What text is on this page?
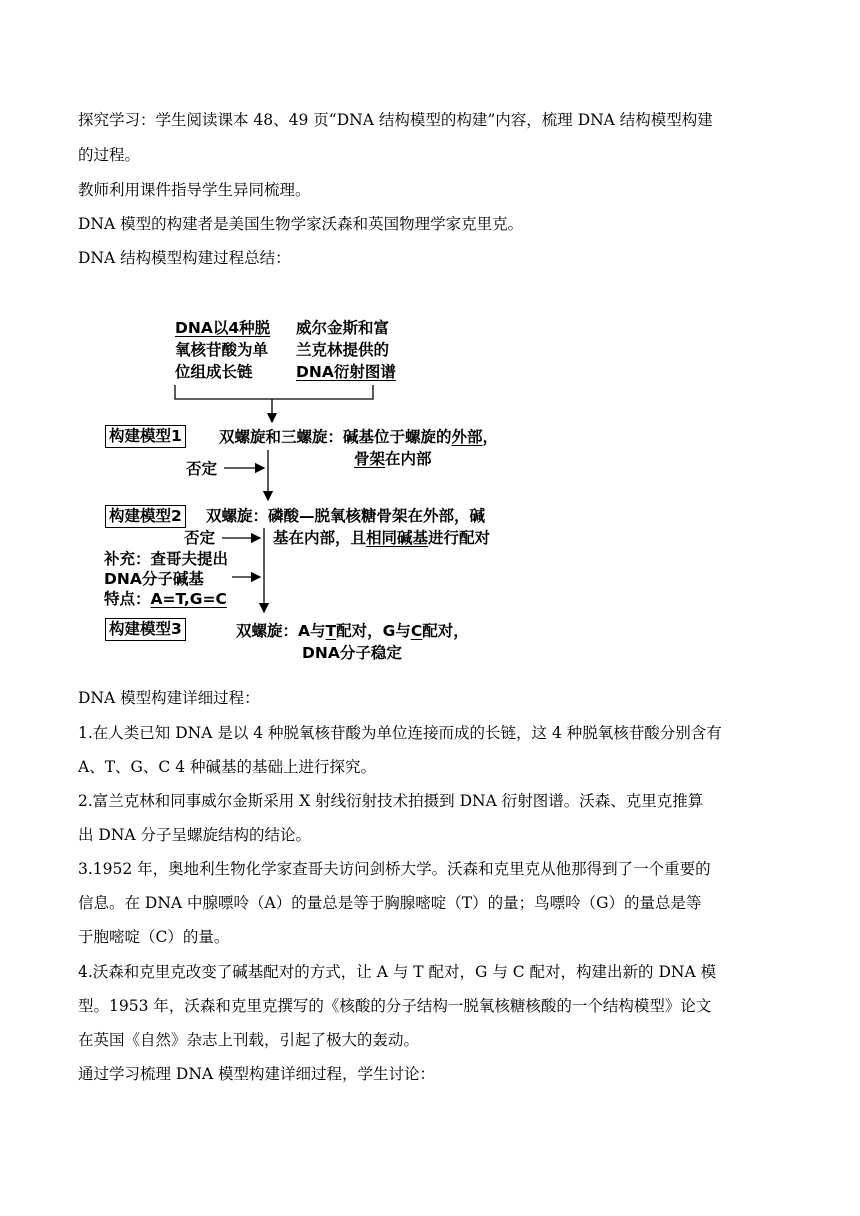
探究学习：学生阅读课本 48、49 页“DNA 结构模型的构建”内容，梳理 DNA 结构模型构建
的过程。
教师利用课件指导学生异同梳理。
DNA 模型的构建者是美国生物学家沃森和英国物理学家克里克。
DNA 结构模型构建过程总结：
DNA以4种脱
氧核苷酸为单
位组成长链
威尔金斯和富
兰克林提供的
DNA衍射图谱
构建模型1 双螺旋和三螺旋：碱基位于螺旋的外部，
骨架在内部
否定
构建模型2 双螺旋：磷酸—脱氧核糖骨架在外部，碱
基在内部，且相同碱基进行配对
否定
补充：查哥夫提出
DNA分子碱基
特点：A=T,G=C
构建模型3	双螺旋：A与T配对，G与C配对，
DNA分子稳定
DNA 模型构建详细过程：
1.在人类已知 DNA 是以 4 种脱氧核苷酸为单位连接而成的长链，这 4 种脱氧核苷酸分别含有
A、T、G、C 4 种碱基的基础上进行探究。
2.富兰克林和同事威尔金斯采用 X 射线衍射技术拍摄到 DNA 衍射图谱。沃森、克里克推算
出 DNA 分子呈螺旋结构的结论。
3.1952 年，奥地利生物化学家查哥夫访问剑桥大学。沃森和克里克从他那得到了一个重要的
信息。在 DNA 中腺嘌呤（A）的量总是等于胸腺嘧啶（T）的量；鸟嘌呤（G）的量总是等
于胞嘧啶（C）的量。
4.沃森和克里克改变了碱基配对的方式，让 A 与 T 配对，G 与 C 配对，构建出新的 DNA 模
型。1953 年，沃森和克里克撰写的《核酸的分子结构一脱氧核糖核酸的一个结构模型》论文
在英国《自然》杂志上刊载，引起了极大的轰动。
通过学习梳理 DNA 模型构建详细过程，学生讨论：
